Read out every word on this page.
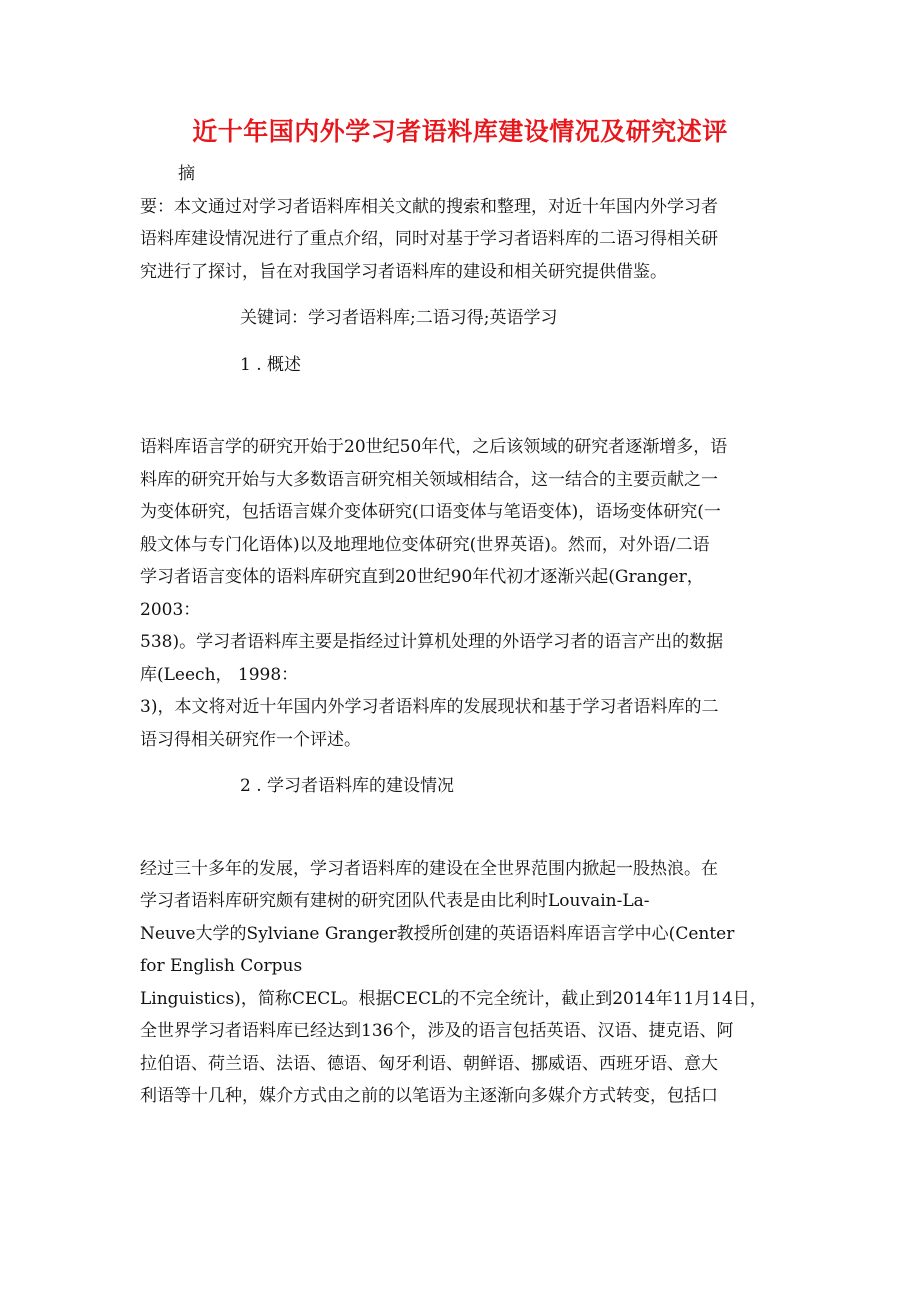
近十年国内外学习者语料库建设情况及研究述评
摘
要：本文通过对学习者语料库相关文献的搜索和整理，对近十年国内外学习者
语料库建设情况进行了重点介绍，同时对基于学习者语料库的二语习得相关研
究进行了探讨，旨在对我国学习者语料库的建设和相关研究提供借鉴。
关键词：学习者语料库;二语习得;英语学习
1 . 概述
语料库语言学的研究开始于20世纪50年代，之后该领域的研究者逐渐增多，语
料库的研究开始与大多数语言研究相关领域相结合，这一结合的主要贡献之一
为变体研究，包括语言媒介变体研究(口语变体与笔语变体)，语场变体研究(一
般文体与专门化语体)以及地理地位变体研究(世界英语)。然而，对外语/二语
学习者语言变体的语料库研究直到20世纪90年代初才逐渐兴起(Granger，
2003：
538)。学习者语料库主要是指经过计算机处理的外语学习者的语言产出的数据
库(Leech， 1998：
3)，本文将对近十年国内外学习者语料库的发展现状和基于学习者语料库的二
语习得相关研究作一个评述。
2 . 学习者语料库的建设情况
经过三十多年的发展，学习者语料库的建设在全世界范围内掀起一股热浪。在
学习者语料库研究颇有建树的研究团队代表是由比利时Louvain-La-
Neuve大学的Sylviane Granger教授所创建的英语语料库语言学中心(Center
for English Corpus
Linguistics)，简称CECL。根据CECL的不完全统计，截止到2014年11月14日，
全世界学习者语料库已经达到136个，涉及的语言包括英语、汉语、捷克语、阿
拉伯语、荷兰语、法语、德语、匈牙利语、朝鲜语、挪威语、西班牙语、意大
利语等十几种，媒介方式由之前的以笔语为主逐渐向多媒介方式转变，包括口
